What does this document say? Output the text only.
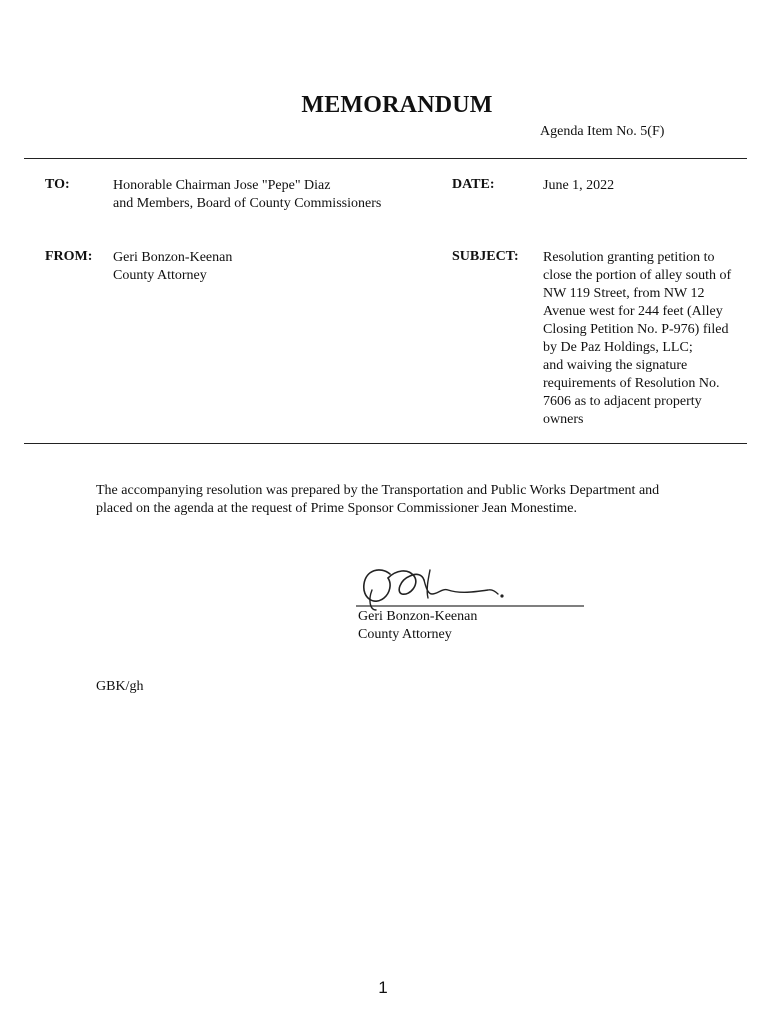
MEMORANDUM
Agenda Item No. 5(F)
TO:	Honorable Chairman Jose "Pepe" Diaz
and Members, Board of County Commissioners
DATE:	June 1, 2022
FROM: Geri Bonzon-Keenan
County Attorney
SUBJECT: Resolution granting petition to
close the portion of alley south of
NW 119 Street, from NW 12
Avenue west for 244 feet (Alley
Closing Petition No. P-976) filed
by De Paz Holdings, LLC;
and waiving the signature
requirements of Resolution No.
7606 as to adjacent property
owners
The accompanying resolution was prepared by the Transportation and Public Works Department and
placed on the agenda at the request of Prime Sponsor Commissioner Jean Monestime.
Geri Bonzon-Keenan
County Attorney
GBK/gh
1
